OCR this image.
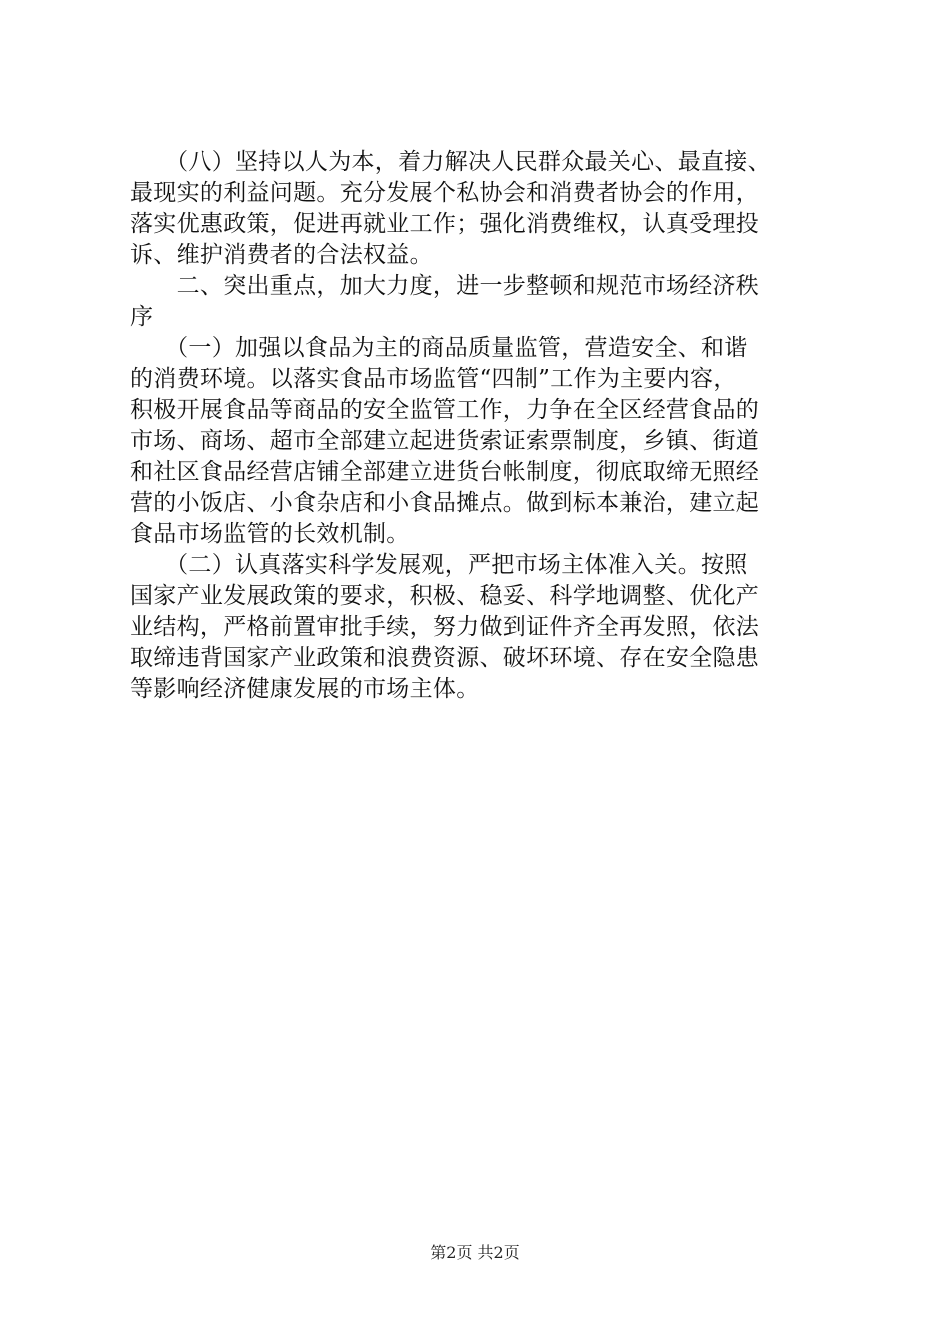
　　（八）坚持以人为本，着力解决人民群众最关心、最直接、
最现实的利益问题。充分发展个私协会和消费者协会的作用，
落实优惠政策，促进再就业工作；强化消费维权，认真受理投
诉、维护消费者的合法权益。
　　二、突出重点，加大力度，进一步整顿和规范市场经济秩
序
　　（一）加强以食品为主的商品质量监管，营造安全、和谐
的消费环境。以落实食品市场监管“四制”工作为主要内容，
积极开展食品等商品的安全监管工作，力争在全区经营食品的
市场、商场、超市全部建立起进货索证索票制度，乡镇、街道
和社区食品经营店铺全部建立进货台帐制度，彻底取缔无照经
营的小饭店、小食杂店和小食品摊点。做到标本兼治，建立起
食品市场监管的长效机制。
　　（二）认真落实科学发展观，严把市场主体准入关。按照
国家产业发展政策的要求，积极、稳妥、科学地调整、优化产
业结构，严格前置审批手续，努力做到证件齐全再发照，依法
取缔违背国家产业政策和浪费资源、破坏环境、存在安全隐患
等影响经济健康发展的市场主体。
第2页 共2页
